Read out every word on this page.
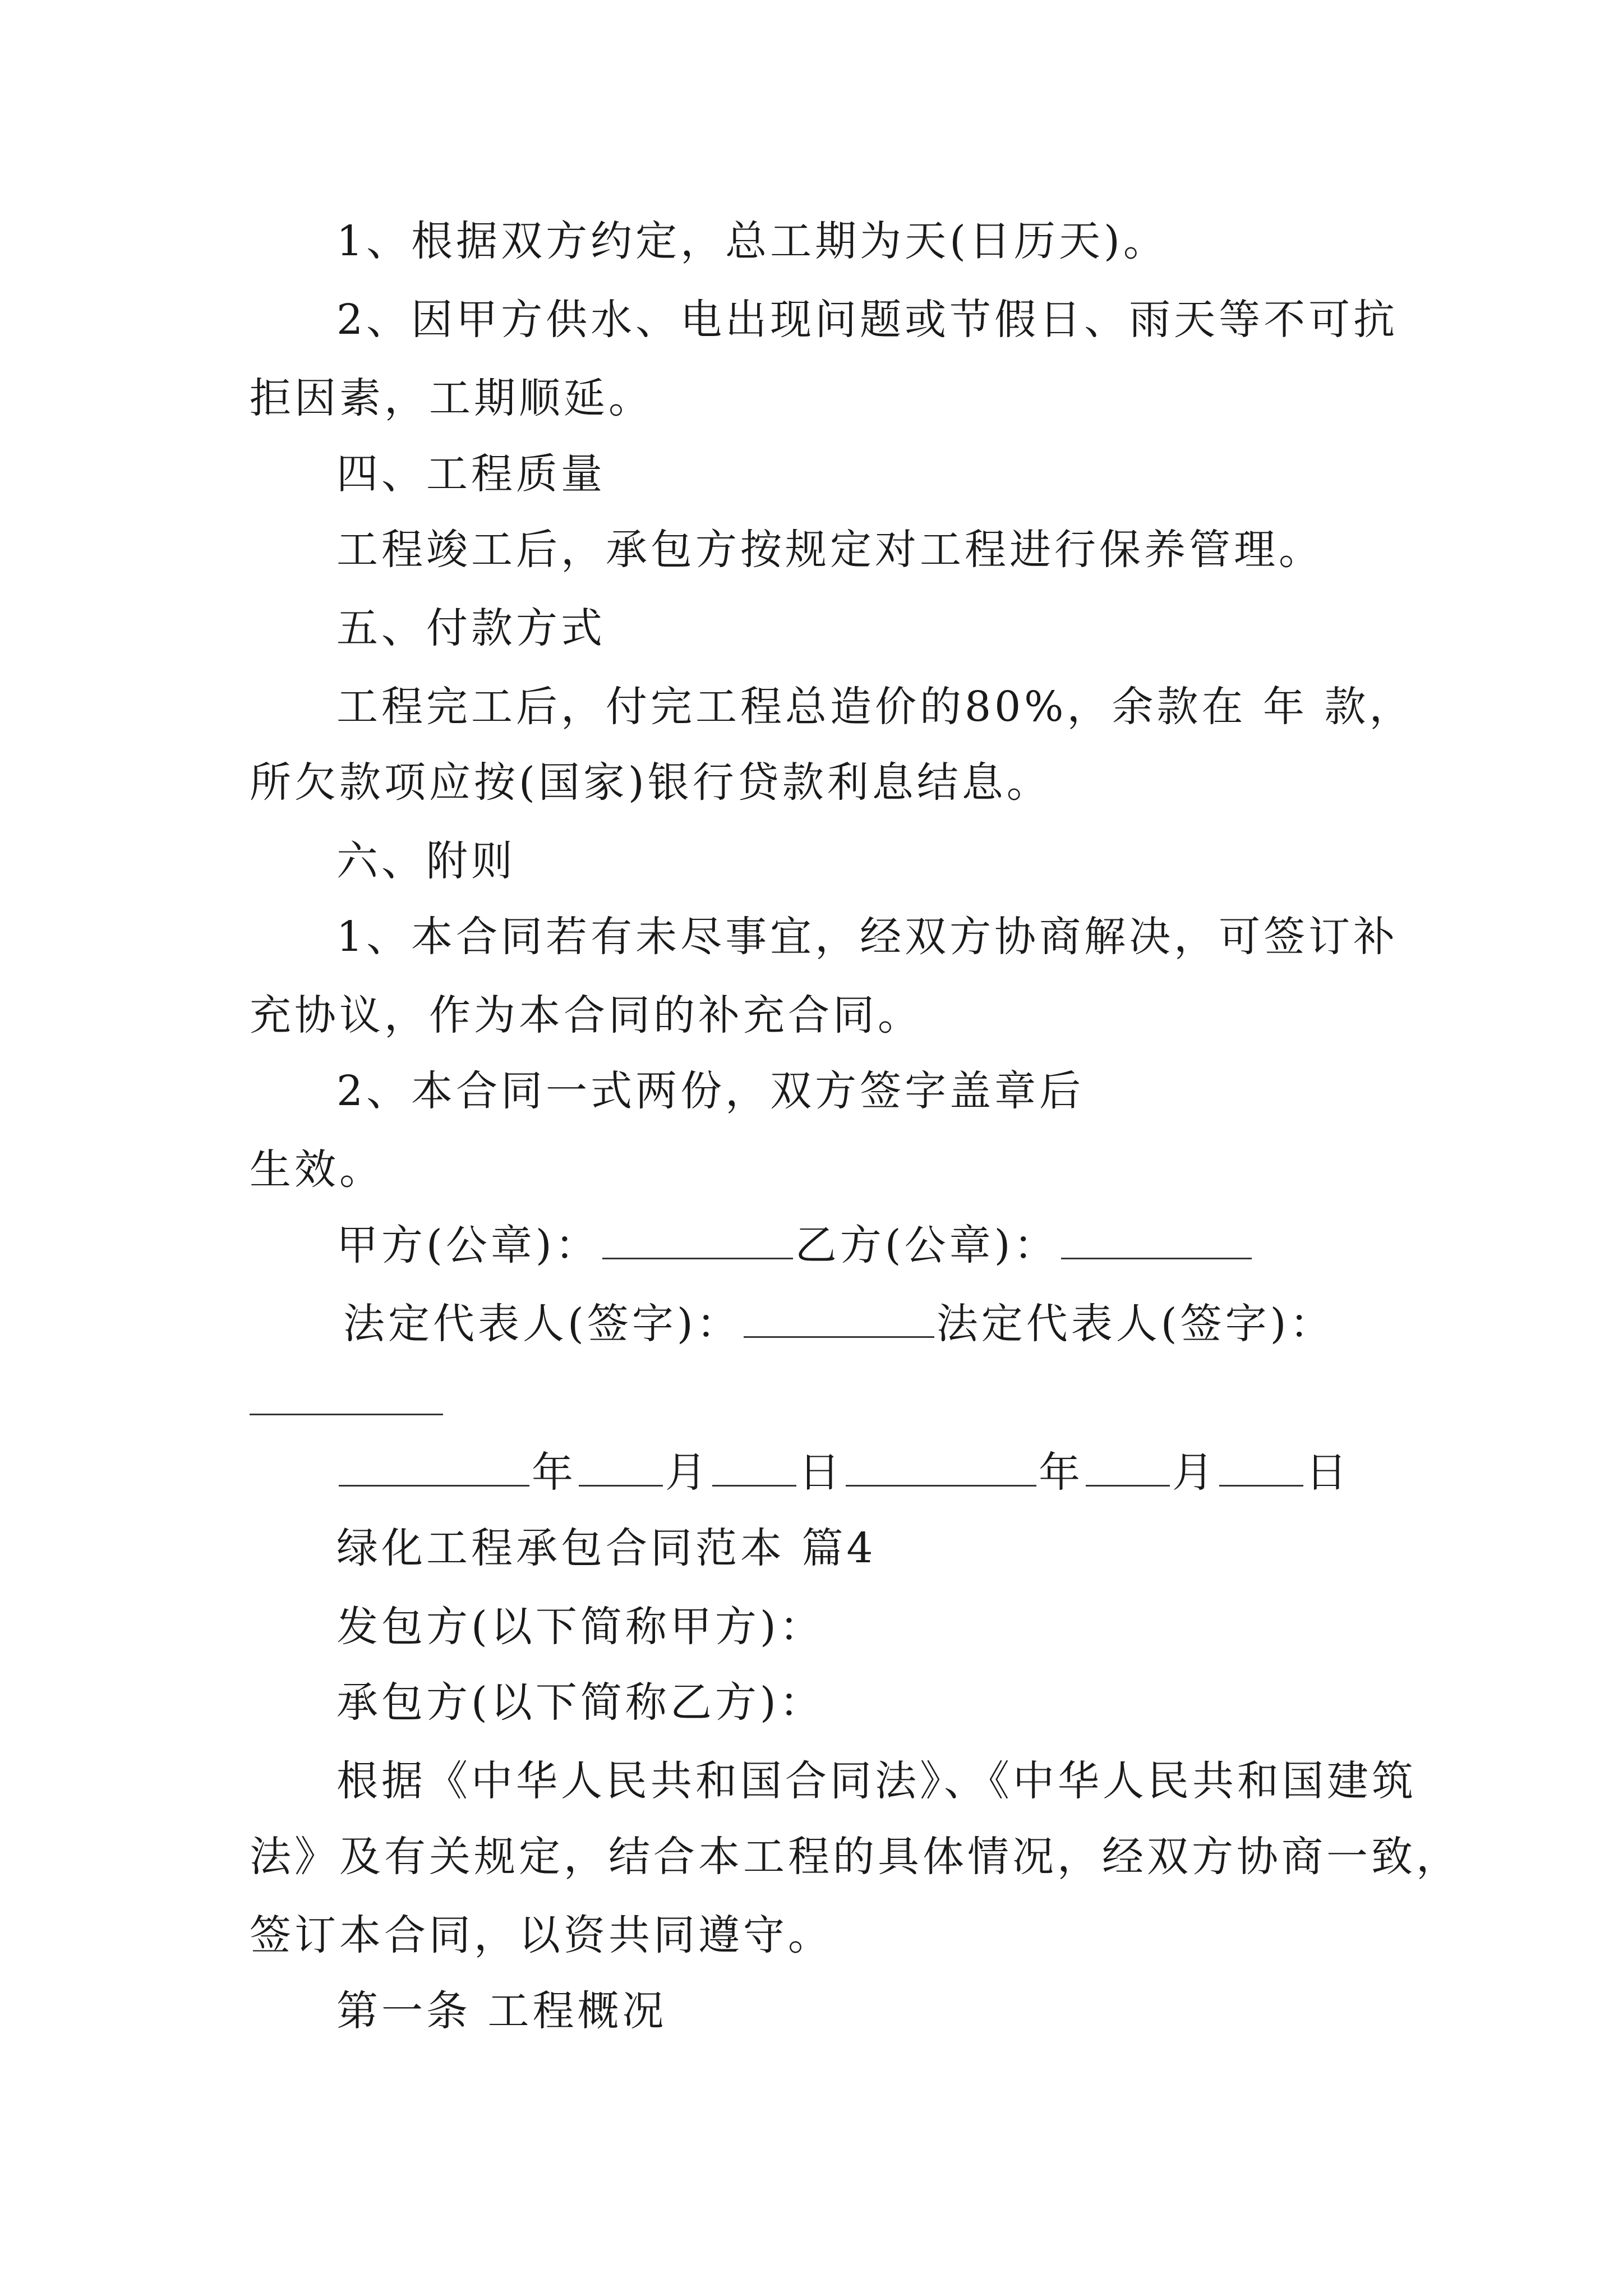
1、根据双方约定，总工期为天(日历天)。
2、因甲方供水、电出现问题或节假日、雨天等不可抗
拒因素，工期顺延。
四、工程质量
工程竣工后，承包方按规定对工程进行保养管理。
五、付款方式
工程完工后，付完工程总造价的80%，余款在 年 款，
所欠款项应按(国家)银行贷款利息结息。
六、附则
1、本合同若有未尽事宜，经双方协商解决，可签订补
充协议，作为本合同的补充合同。
2、本合同一式两份，双方签字盖章后
生效。
甲方(公章)：	乙方(公章)：
法定代表人(签字)：	法定代表人(签字)：
年 月 日	年 月 日
绿化工程承包合同范本 篇4
发包方(以下简称甲方)：
承包方(以下简称乙方)：
根据《中华人民共和国合同法》、《中华人民共和国建筑
法》及有关规定，结合本工程的具体情况，经双方协商一致，
签订本合同，以资共同遵守。
第一条 工程概况
